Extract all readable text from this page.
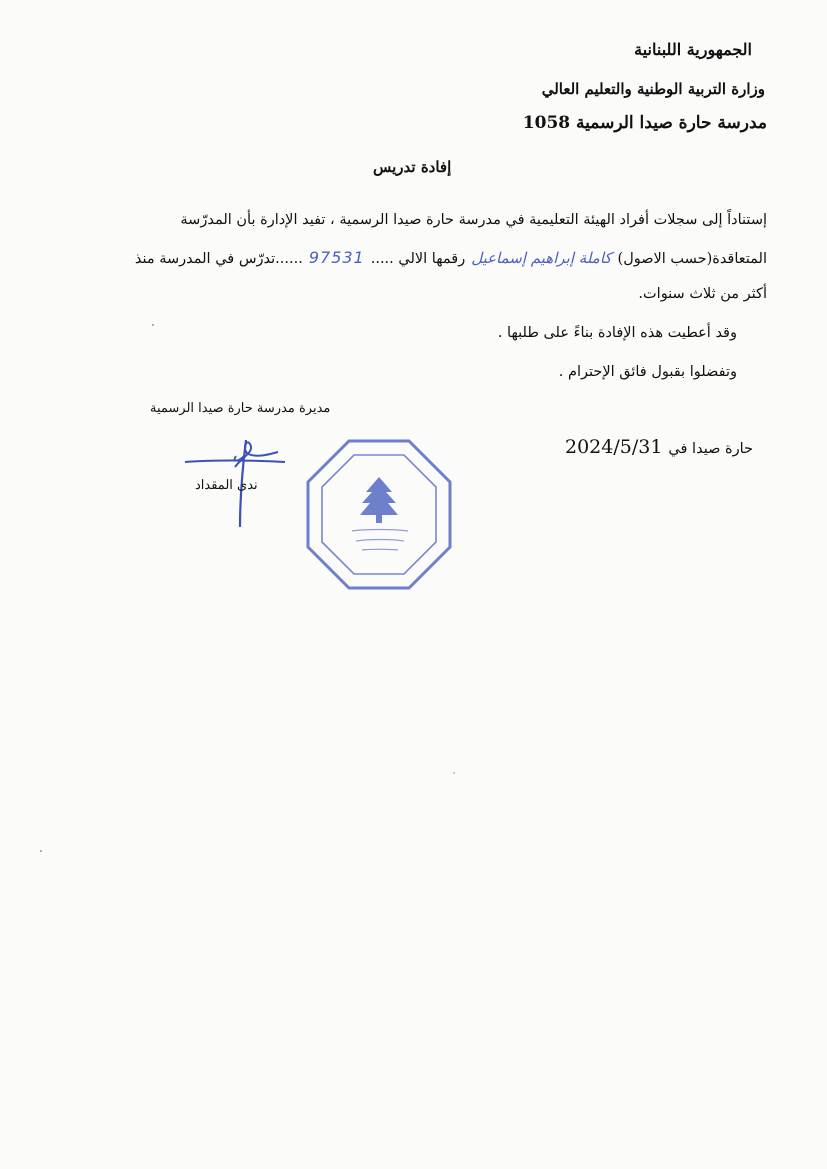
الجمهورية اللبنانية
وزارة التربية الوطنية والتعليم العالي
مدرسة حارة صيدا الرسمية 1058
إفادة تدريس
إستناداً إلى سجلات أفراد الهيئة التعليمية في مدرسة حارة صيدا الرسمية ، تفيد الإدارة بأن المدرّسة
المتعاقدة(حسب الاصول)
كاملة إبراهيم إسماعيل
رقمها الالي .....
97531
......تدرّس في المدرسة منذ
أكثر من ثلاث سنوات.
وقد أعطيت هذه الإفادة بناءً على طلبها .
وتفضلوا بقبول فائق الإحترام .
مديرة مدرسة حارة صيدا الرسمية
حارة صيدا في
2024/5/31
ندى المقداد
